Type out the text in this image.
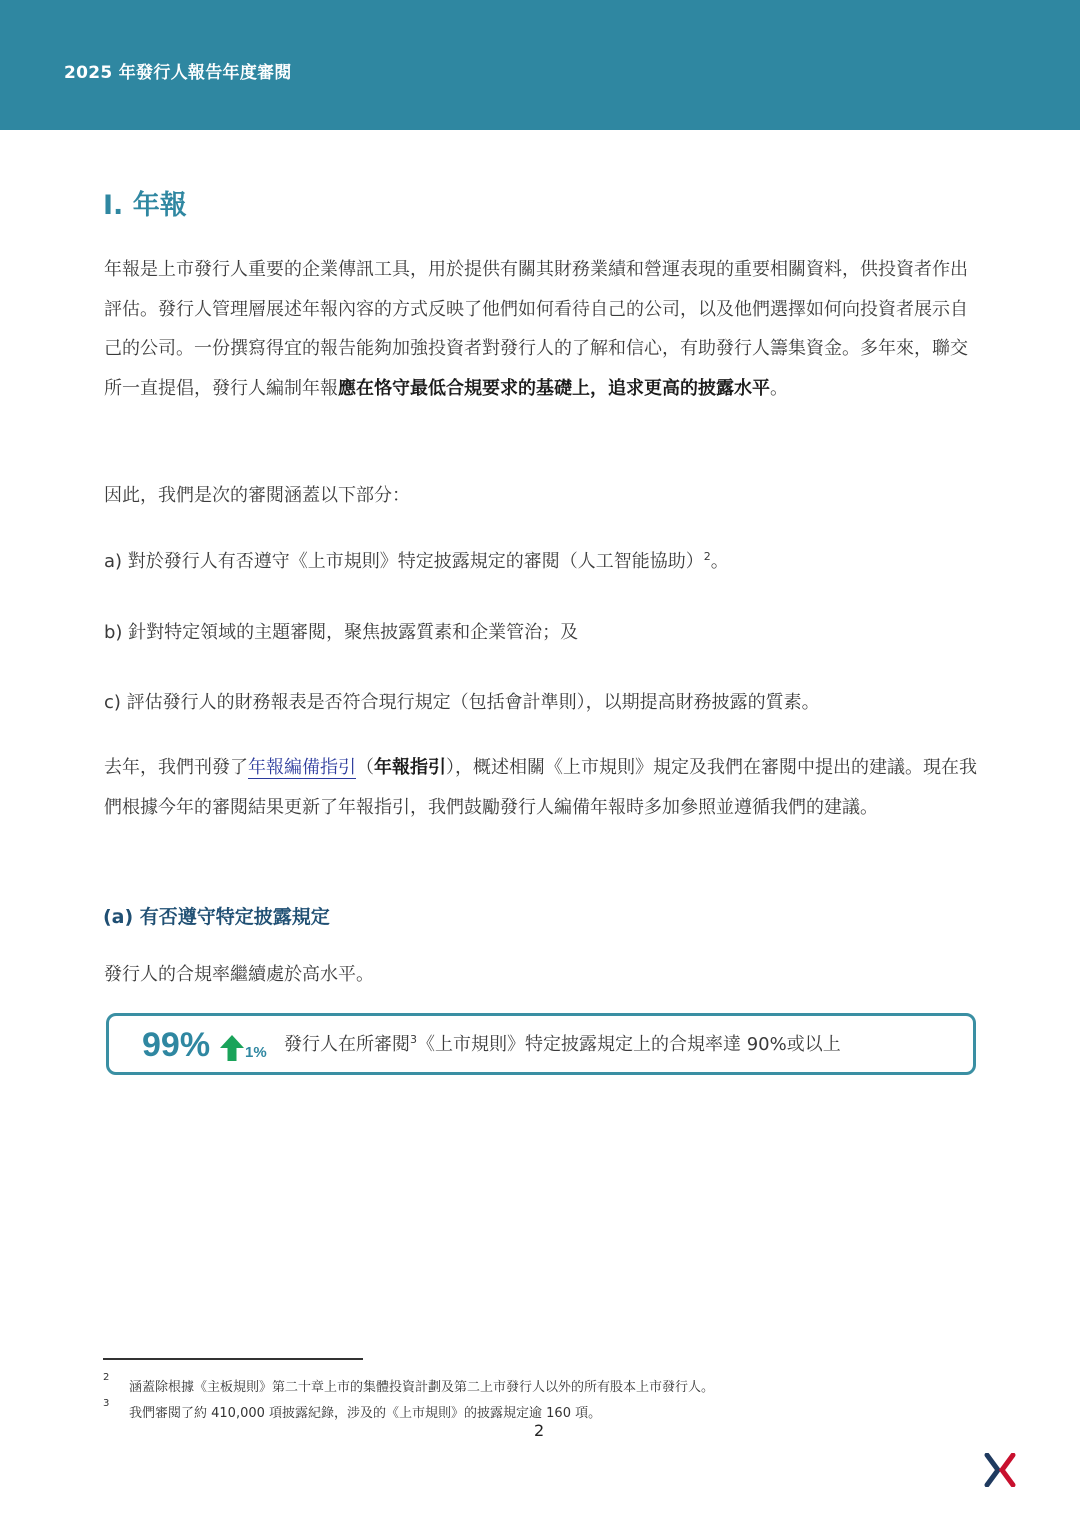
2025 年發行人報告年度審閱
I. 年報
年報是上市發行人重要的企業傳訊工具，用於提供有關其財務業績和營運表現的重要相關資料，供投資者作出評估。發行人管理層展述年報內容的方式反映了他們如何看待自己的公司，以及他們選擇如何向投資者展示自己的公司。一份撰寫得宜的報告能夠加強投資者對發行人的了解和信心，有助發行人籌集資金。多年來，聯交所一直提倡，發行人編制年報應在恪守最低合規要求的基礎上，追求更高的披露水平。
因此，我們是次的審閱涵蓋以下部分：
a) 對於發行人有否遵守《上市規則》特定披露規定的審閱（人工智能協助）$^2$。
b) 針對特定領域的主題審閱，聚焦披露質素和企業管治；及
c) 評估發行人的財務報表是否符合現行規定（包括會計準則），以期提高財務披露的質素。
去年，我們刊發了年報編備指引（年報指引），概述相關《上市規則》規定及我們在審閱中提出的建議。現在我們根據今年的審閱結果更新了年報指引，我們鼓勵發行人編備年報時多加參照並遵循我們的建議。
(a) 有否遵守特定披露規定
發行人的合規率繼續處於高水平。
99% 1% 發行人在所審閱$^3$《上市規則》特定披露規定上的合規率達 90%或以上
2
涵蓋除根據《主板規則》第二十章上市的集體投資計劃及第二上市發行人以外的所有股本上市發行人。
3
我們審閱了約 410,000 項披露紀錄，涉及的《上市規則》的披露規定逾 160 項。
2
